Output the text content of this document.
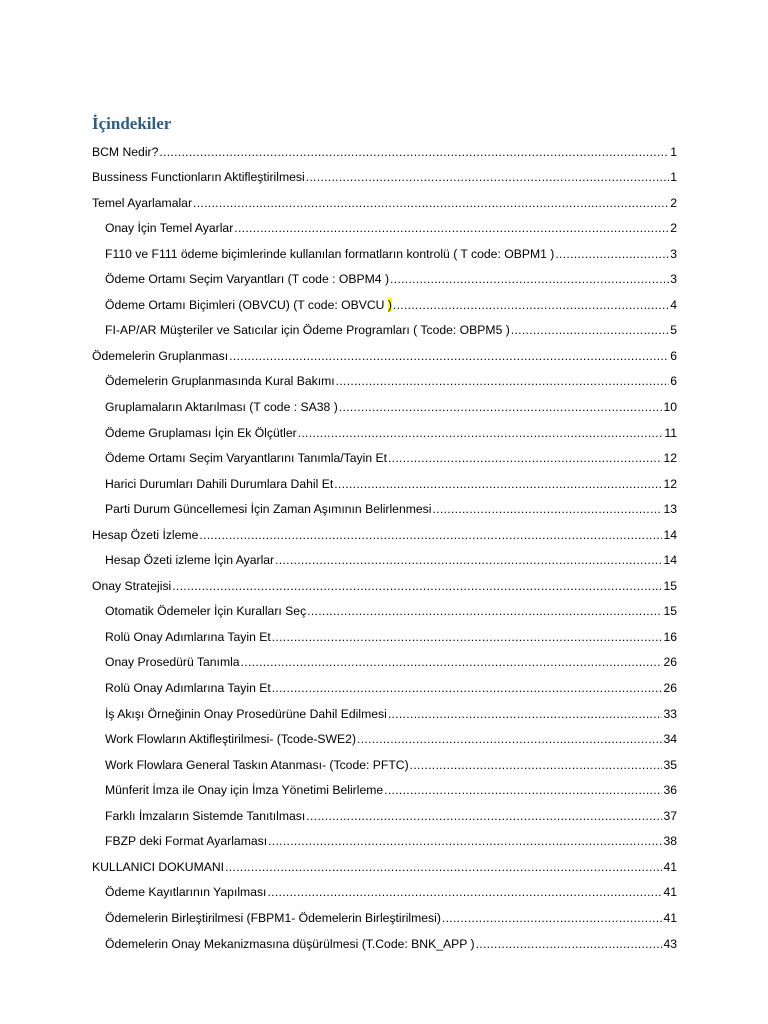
İçindekiler
BCM Nedir? .....	1
Bussiness Functionların Aktifleştirilmesi .....	1
Temel Ayarlamalar .....	2
Onay İçin Temel Ayarlar .....	2
F110 ve F111 ödeme biçimlerinde kullanılan formatların kontrolü ( T code: OBPM1 ) .....	3
Ödeme Ortamı Seçim Varyantları (T code : OBPM4 ) .....	3
Ödeme Ortamı Biçimleri (OBVCU) (T code: OBVCU ) .....	4
FI-AP/AR Müşteriler ve Satıcılar için Ödeme Programları ( Tcode: OBPM5 ) .....	5
Ödemelerin Gruplanması .....	6
Ödemelerin Gruplanmasında Kural Bakımı .....	6
Gruplamaların Aktarılması (T code : SA38 ) .....	10
Ödeme Gruplaması İçin Ek Ölçütler .....	11
Ödeme Ortamı Seçim Varyantlarını Tanımla/Tayin Et .....	12
Harici Durumları Dahili Durumlara Dahil Et .....	12
Parti Durum Güncellemesi İçin Zaman Aşımının Belirlenmesi .....	13
Hesap Özeti İzleme .....	14
Hesap Özeti izleme İçin Ayarlar .....	14
Onay Stratejisi .....	15
Otomatik Ödemeler İçin Kuralları Seç .....	15
Rolü Onay Adımlarına Tayin Et .....	16
Onay Prosedürü Tanımla .....	26
Rolü Onay Adımlarına Tayin Et .....	26
İş Akışı Örneğinin Onay Prosedürüne Dahil Edilmesi .....	33
Work Flowların Aktifleştirilmesi- (Tcode-SWE2) .....	34
Work Flowlara General Taskın Atanması- (Tcode: PFTC) .....	35
Münferit İmza ile Onay için İmza Yönetimi Belirleme .....	36
Farklı İmzaların Sistemde Tanıtılması .....	37
FBZP deki Format Ayarlaması .....	38
KULLANICI DOKUMANI .....	41
Ödeme Kayıtlarının Yapılması .....	41
Ödemelerin Birleştirilmesi (FBPM1- Ödemelerin Birleştirilmesi) .....	41
Ödemelerin Onay Mekanizmasına düşürülmesi (T.Code: BNK_APP ) .....	43
